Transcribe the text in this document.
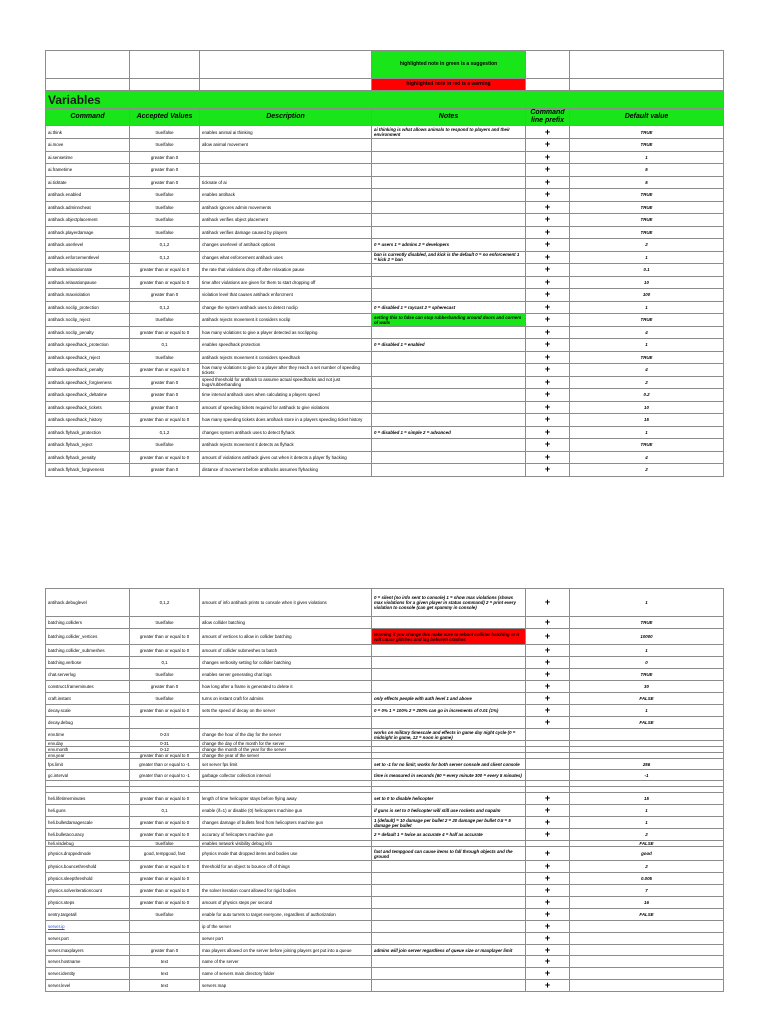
			highlighted note in green is a suggestion		
			highlighted note in red is a warning		
Variables					
Command	Accepted Values	Description	Notes	Command line prefix	Default value
ai.think	true/false	enables animal ai thinking	ai thinking is what allows animals to respond to players and their environment	+	TRUE
ai.move	true/false	allow animal movement		+	TRUE
ai.sensetime	greater than 0			+	1
ai.frametime	greater than 0			+	5
ai.ticktate	greater than 0	ticknate of ai		+	5
antihack.enabled	true/false	enables antihack		+	TRUE
antihack.adminncheat	true/false	antihack ignores admin movements		+	TRUE
antihack.objectplacement	true/false	antihack verifies object placement		+	TRUE
antihack.playerdamage	true/false	antihack verifies damage caused by players		+	TRUE
antihack.userlevel	0,1,2	changes userlevel of antihack options	0 = users 1 = admins 2 = developers	+	2
antihack.enforcementlevel	0,1,2	changes what enforcement antihack uses	ban is currently disabled, and kick is the default 0 = no enforcement 1 = kick 2 = ban	+	1
antihack.relaxationrate	greater than or equal to 0	the rate that violations drop off after relaxation pause		+	0.1
antihack.relaxationpause	greater than or equal to 0	time after violations are given for them to start dropping off		+	10
antihack.maxviolation	greater than 0	violation level that causes antihack enforcment		+	100
antihack.noclip_protection	0,1,2	change the system antihack uses to detect noclip	0 = disabled 1 = raycast 2 = spherecast	+	1
antihack.noclip_reject	true/false	antihack rejects movement it considers noclip	setting this to false can stop rubberbanding around doors and corners of walls	+	TRUE
antihack.noclip_penalty	greater than or equal to 0	how many violations to give a player detected as noclipping		+	4
antihack.speedhack_protection	0,1	enables speedhack protection	0 = disabled 1 = enabled	+	1
antihack.speedhack_reject	true/false	antihack rejects movement it considers speedhack		+	TRUE
antihack.speedhack_penalty	greater than or equal to 0	how many violations to give to a player after they reach a set number of speeding tickets		+	4
antihack.speedhack_forgiveness	greater than 0	speed threshold for antihack to assume actual speedhacks and not just bugs/rubberbanding		+	2
antihack.speedhack_deltatime	greater than 0	time interval antihack uses when calculating a players speed		+	0.2
antihack.speedhack_tickets	greater than 0	amount of speeding tickets required for antihack to give violations		+	10
antihack.speedhack_history	greater than or equal to 0	how many speeding tickets does antihack store in a players speeding ticket history		+	15
antihack.flyhack_protection	0,1,2	changes system antihack uses to detect flyhack	0 = disabled 1 = simple 2 = advanced	+	1
antihack.flyhack_reject	true/false	antihack rejects movement it detects as flyhack		+	TRUE
antihack.flyhack_penalty	greater than or equal to 0	amount of violations antihack gives out when it detects a player fly hacking		+	4
antihack.flyhack_forgiveness	greater than 0	distance of movement before antihacks assumes flyhacking		+	2
antihack.debuglevel	0,1,2	amount of info antihack prints to console when it gives violations	0 = silent (no info sent to console) 1 = show max violations (shows max violations for a given player in status command) 2 = print every violation to console (can get spammy in console)	+	1
batching.colliders	true/false	allow collider batching		+	TRUE
batching.collider_vertices	greater than or equal to 0	amount of vertices to allow in collider batching	Warning if you change this make sure to reboot collider batching or it will cause glitches and lag between crashes	+	10000
batching.collider_submeshes	greater than or equal to 0	amount of collider submeshes to batch		+	1
batching.verbose	0,1	changes verbosity setting for collider batching		+	0
chat.serverlog	true/false	enables server generating chat logs		+	TRUE
construct.frameminutes	greater than 0	how long after a frame is generated to delete it		+	30
craft.instant	true/false	turns on instant craft for admins	only effects people with auth level 1 and above	+	FALSE
decay.scale	greater than or equal to 0	sets the speed of decay on the server	0 = 0% 1 = 100% 2 = 200% can go in increments of 0.01 (1%)	+	1
decay.debug				+	FALSE
env.time	0-24	change the hour of the day for the server	works on military timescale and effects in game day night cycle (0 = midnight in game, 12 = noon in game)		
env.day	0-31	change the day of the month for the server			
env.month	0-12	change the month of the year for the server			
env.year	greater than or equal to 0	change the year of the server			
fps.limit	greater than or equal to -1	set server fps limit	set to -1 for no limit; works for both server console and client console		256
gc.interval	greater than or equal to -1	garbage collector collection interval	time is measured in seconds (60 = every minute 300 = every 5 minutes)		-1

heli.lifetimeminutes	greater than or equal to 0	length of time helicopter stays before flying away	set to 0 to disable helicopter	+	15
heli.guns	0,1	enable (if=1) or disable (0) helicopters machine gun	if guns is set to 0 helicopter will still use rockets and napalm	+	1
heli.bulletdamagescale	greater than or equal to 0	changes damage of bullets fired from helicopters machine gun	1 (default) = 10 damage per bullet 2 = 20 damage per bullet 0.5 = 5 damage per bullet	+	1
heli.bulletaccuracy	greater than or equal to 0	accuracy of helicopters machine gun	2 = default 1 = twice as accurate 4 = half as accurate	+	2
heli.visdebug	true/false	enables network visibility debug info			FALSE
physics.droppedmode	good, tempgood, fast	physics mode that dropped items and bodies use	fast and tempgood can cause items to fall through objects and the ground	+	good
physics.bouncethreshold	greater than or equal to 0	threshold for an object to bounce off of things		+	2
physics.sleepthreshold	greater than or equal to 0			+	0.005
physics.solveriterationcount	greater than or equal to 0	the solver iteration count allowed for rigid bodies		+	7
physics.steps	greater than or equal to 0	amount of physics steps per second		+	16
sentry.targetall	true/false	enable for auto turrets to target everyone, regardless of authorization		+	FALSE
server.ip		ip of the server		+	
server.port		server port		+	
server.maxplayers	greater than 0	max players allowed on the server before joining players get put into a queue	admins will join server regardless of queue size or maxplayer limit	+	
server.hostname	text	name of the server		+	
server.identity	text	name of servers main directory folder		+	
server.level	text	servers map		+	
